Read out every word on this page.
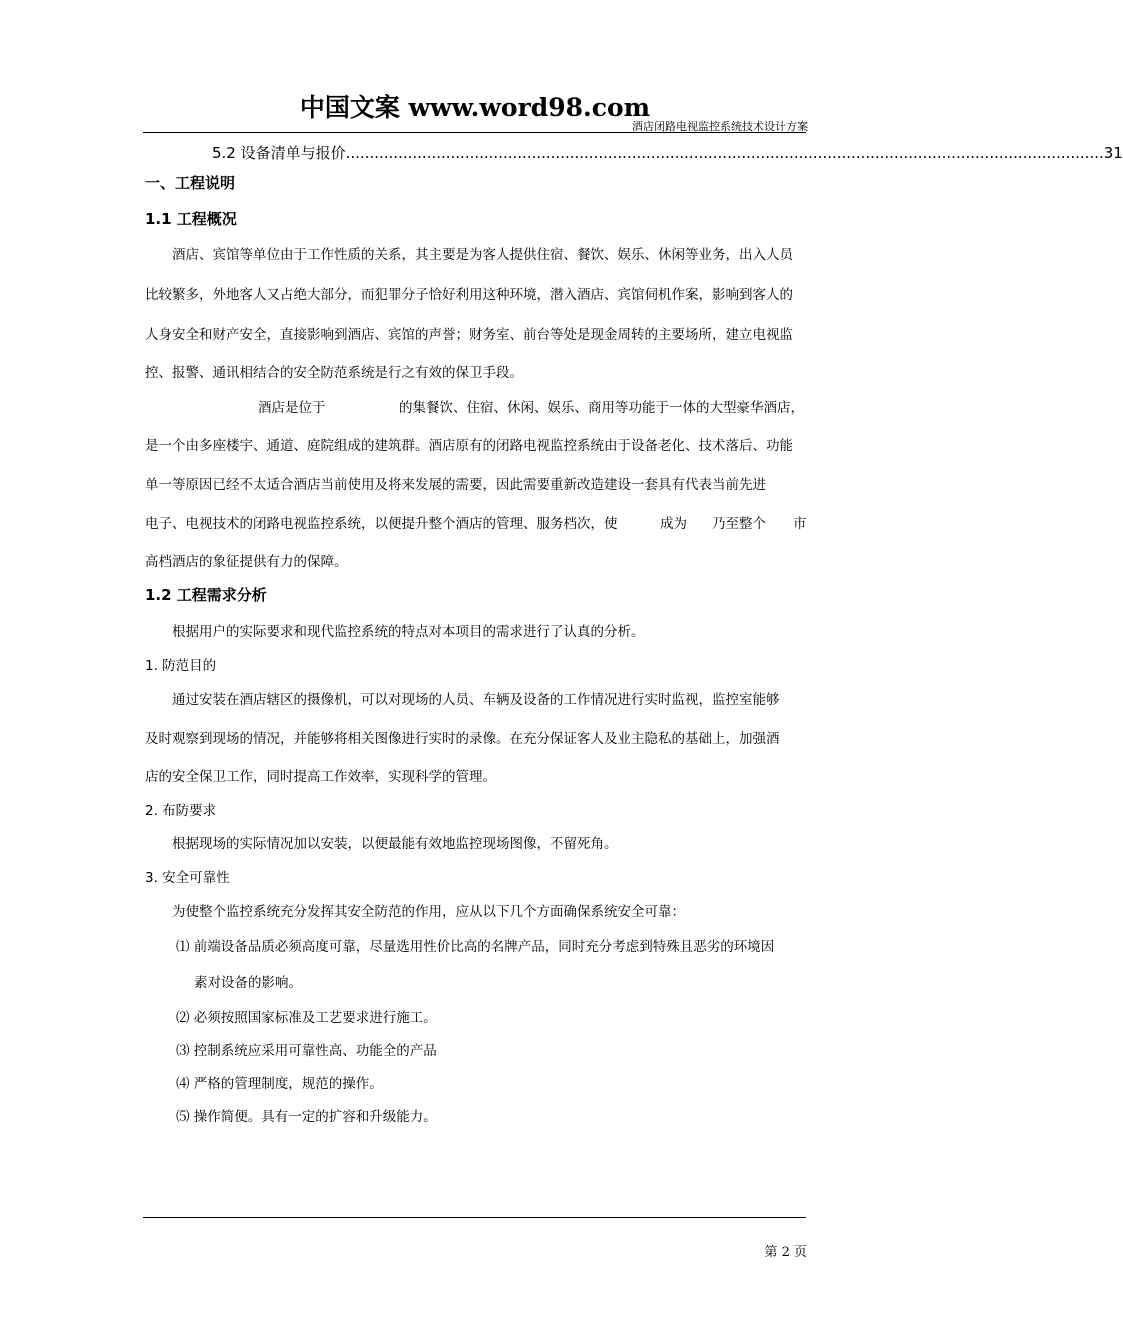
中国文案 www.word98.com
酒店闭路电视监控系统技术设计方案
5.2 设备清单与报价 ............................................................................................................................................................... 31
一、工程说明
1.1 工程概况
酒店、宾馆等单位由于工作性质的关系，其主要是为客人提供住宿、餐饮、娱乐、休闲等业务，出入人员
比较繁多，外地客人又占绝大部分，而犯罪分子恰好利用这种环境，潜入酒店、宾馆伺机作案，影响到客人的
人身安全和财产安全，直接影响到酒店、宾馆的声誉；财务室、前台等处是现金周转的主要场所，建立电视监
控、报警、通讯相结合的安全防范系统是行之有效的保卫手段。
酒店是位于	的集餐饮、住宿、休闲、娱乐、商用等功能于一体的大型豪华酒店，
是一个由多座楼宇、通道、庭院组成的建筑群。酒店原有的闭路电视监控系统由于设备老化、技术落后、功能
单一等原因已经不太适合酒店当前使用及将来发展的需要，因此需要重新改造建设一套具有代表当前先进
电子、电视技术的闭路电视监控系统，以便提升整个酒店的管理、服务档次，使	成为 乃至整个 市
高档酒店的象征提供有力的保障。
1.2 工程需求分析
根据用户的实际要求和现代监控系统的特点对本项目的需求进行了认真的分析。
1. 防范目的
通过安装在酒店辖区的摄像机，可以对现场的人员、车辆及设备的工作情况进行实时监视，监控室能够
及时观察到现场的情况，并能够将相关图像进行实时的录像。在充分保证客人及业主隐私的基础上，加强酒
店的安全保卫工作，同时提高工作效率，实现科学的管理。
2. 布防要求
根据现场的实际情况加以安装，以便最能有效地监控现场图像，不留死角。
3. 安全可靠性
为使整个监控系统充分发挥其安全防范的作用，应从以下几个方面确保系统安全可靠：
⑴ 前端设备品质必须高度可靠，尽量选用性价比高的名牌产品，同时充分考虑到特殊且恶劣的环境因
素对设备的影响。
⑵ 必须按照国家标准及工艺要求进行施工。
⑶ 控制系统应采用可靠性高、功能全的产品
⑷ 严格的管理制度，规范的操作。
⑸ 操作简便。具有一定的扩容和升级能力。
第 2 页
